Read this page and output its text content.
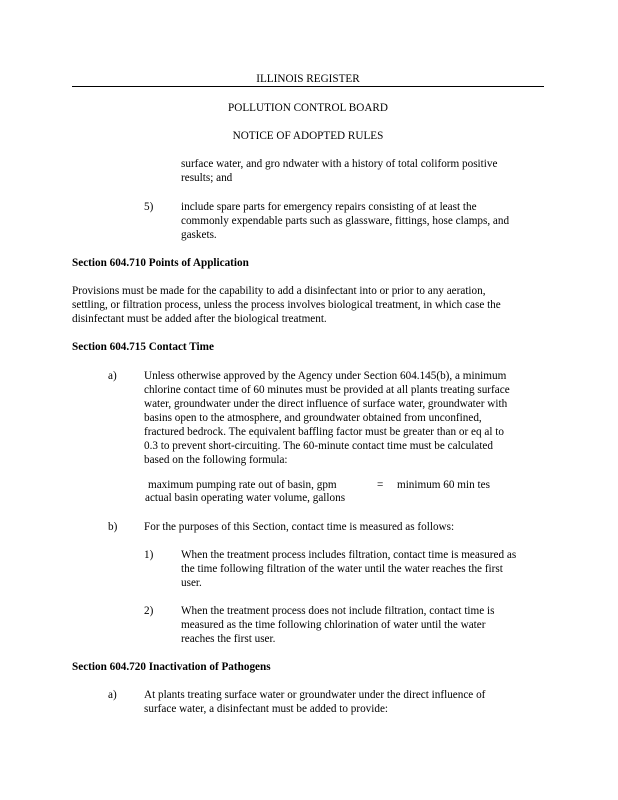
ILLINOIS REGISTER
POLLUTION CONTROL BOARD
NOTICE OF ADOPTED RULES
surface water, and gro ndwater with a history of total coliform positive
results; and
5) include spare parts for emergency repairs consisting of at least the
commonly expendable parts such as glassware, fittings, hose clamps, and
gaskets.
Section 604.710 Points of Application
Provisions must be made for the capability to add a disinfectant into or prior to any aeration,
settling, or filtration process, unless the process involves biological treatment, in which case the
disinfectant must be added after the biological treatment.
Section 604.715 Contact Time
a) Unless otherwise approved by the Agency under Section 604.145(b), a minimum
chlorine contact time of 60 minutes must be provided at all plants treating surface
water, groundwater under the direct influence of surface water, groundwater with
basins open to the atmosphere, and groundwater obtained from unconfined,
fractured bedrock. The equivalent baffling factor must be greater than or eq al to
0.3 to prevent short-circuiting. The 60-minute contact time must be calculated
based on the following formula:
maximum pumping rate out of basin, gpm	= minimum 60 min tes
actual basin operating water volume, gallons
b) For the purposes of this Section, contact time is measured as follows:
1) When the treatment process includes filtration, contact time is measured as
the time following filtration of the water until the water reaches the first
user.
2) When the treatment process does not include filtration, contact time is
measured as the time following chlorination of water until the water
reaches the first user.
Section 604.720 Inactivation of Pathogens
a) At plants treating surface water or groundwater under the direct influence of
surface water, a disinfectant must be added to provide:
